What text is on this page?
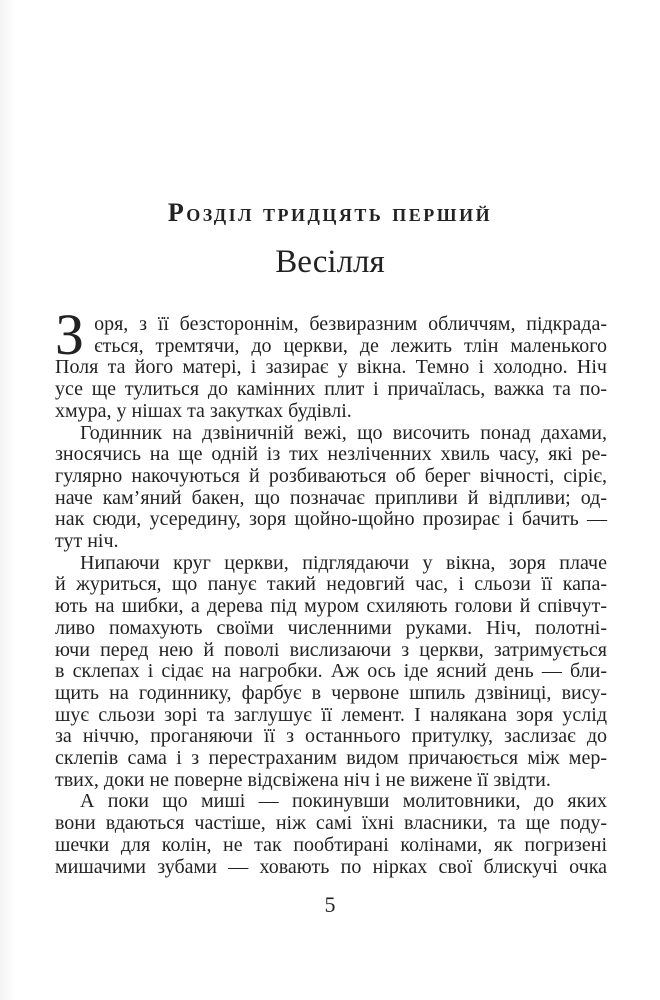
Розділ тридцять перший
Весілля
З оря, з її безстороннім, безвиразним обличчям, підкрада-
ється, тремтячи, до церкви, де лежить тлін маленького
Поля та його матері, і зазирає у вікна. Темно і холодно. Ніч
усе ще тулиться до камінних плит і причаїлась, важка та по-
хмура, у нішах та закутках будівлі.
Годинник на дзвіничній вежі, що височить понад дахами,
зносячись на ще одній із тих незліченних хвиль часу, які ре-
гулярно накочуються й розбиваються об берег вічності, сіріє,
наче кам’яний бакен, що позначає припливи й відпливи; од-
нак сюди, усередину, зоря щойно-щойно прозирає і бачить —
тут ніч.
Нипаючи круг церкви, підглядаючи у вікна, зоря плаче
й журиться, що панує такий недовгий час, і сльози її капа-
ють на шибки, а дерева під муром схиляють голови й співчут-
ливо помахують своїми численними руками. Ніч, полотні-
ючи перед нею й поволі вислизаючи з церкви, затримується
в склепах і сідає на нагробки. Аж ось іде ясний день — бли-
щить на годиннику, фарбує в червоне шпиль дзвіниці, вису-
шує сльози зорі та заглушує її лемент. І налякана зоря услід
за ніччю, проганяючи її з останнього притулку, заслизає до
склепів сама і з перестраханим видом причаюється між мер-
твих, доки не поверне відсвіжена ніч і не вижене її звідти.
А поки що миші — покинувши молитовники, до яких
вони вдаються частіше, ніж самі їхні власники, та ще поду-
шечки для колін, не так пообтирані колінами, як погризені
мишачими зубами — ховають по нірках свої блискучі очка
5
